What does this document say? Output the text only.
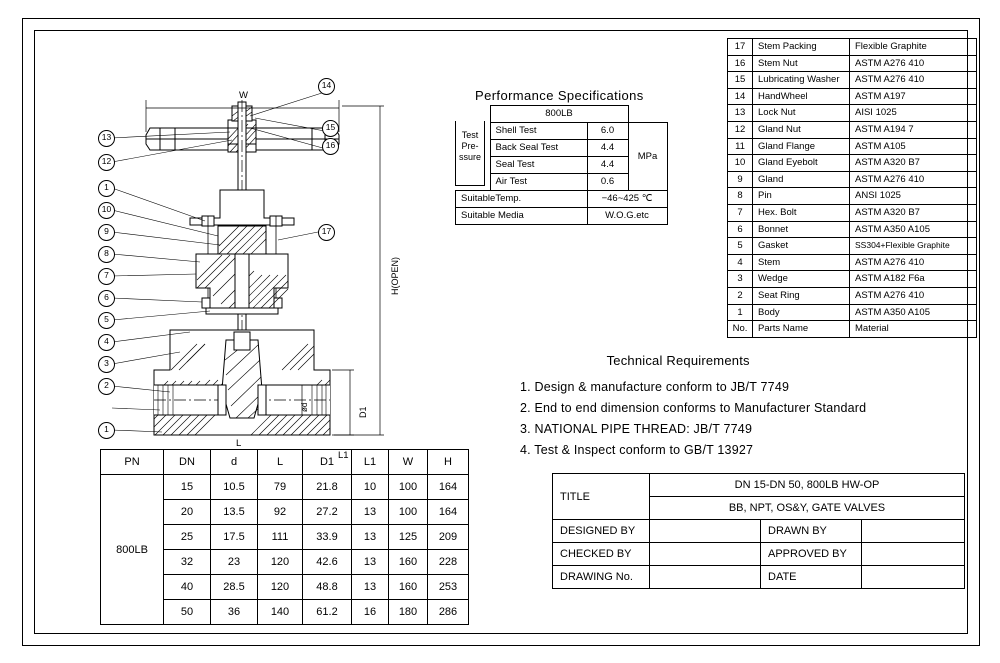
14
15
16
13
12
1
10
9
8
7
6
5
4
3
2
1
17
W
H(OPEN)
L
L1
D1
ød
Performance Specifications
	800LB		
	Shell Test	6.0	MPa
	Back Seal Test	4.4	
	Seal Test	4.4	
	Air Test	0.6	
SuitableTemp.		−46~425 ℃	
Suitable Media		W.O.G.etc	
Test Pre-ssure
17	Stem Packing	Flexible Graphite
16	Stem Nut	ASTM A276 410
15	Lubricating Washer	ASTM A276 410
14	HandWheel	ASTM A197
13	Lock Nut	AISI 1025
12	Gland Nut	ASTM A194 7
11	Gland Flange	ASTM A105
10	Gland Eyebolt	ASTM A320 B7
9	Gland	ASTM A276 410
8	Pin	ANSI 1025
7	Hex. Bolt	ASTM A320 B7
6	Bonnet	ASTM A350 A105
5	Gasket	SS304+Flexible Graphite
4	Stem	ASTM A276 410
3	Wedge	ASTM A182 F6a
2	Seat Ring	ASTM A276 410
1	Body	ASTM A350 A105
No.	Parts Name	Material
Technical Requirements
1. Design & manufacture conform to JB/T 7749
2. End to end dimension conforms to Manufacturer Standard
3. NATIONAL PIPE THREAD: JB/T 7749
4. Test & Inspect conform to GB/T 13927
PN	DN	d	L	D1	L1	W	H
800LB	15	10.5	79	21.8	10	100	164
	20	13.5	92	27.2	13	100	164
	25	17.5	111	33.9	13	125	209
	32	23	120	42.6	13	160	228
	40	28.5	120	48.8	13	160	253
	50	36	140	61.2	16	180	286
TITLE	DN 15-DN 50, 800LB HW-OP		
	BB, NPT, OS&Y, GATE VALVES		
DESIGNED BY		DRAWN BY	
CHECKED BY		APPROVED BY	
DRAWING No.		DATE	
